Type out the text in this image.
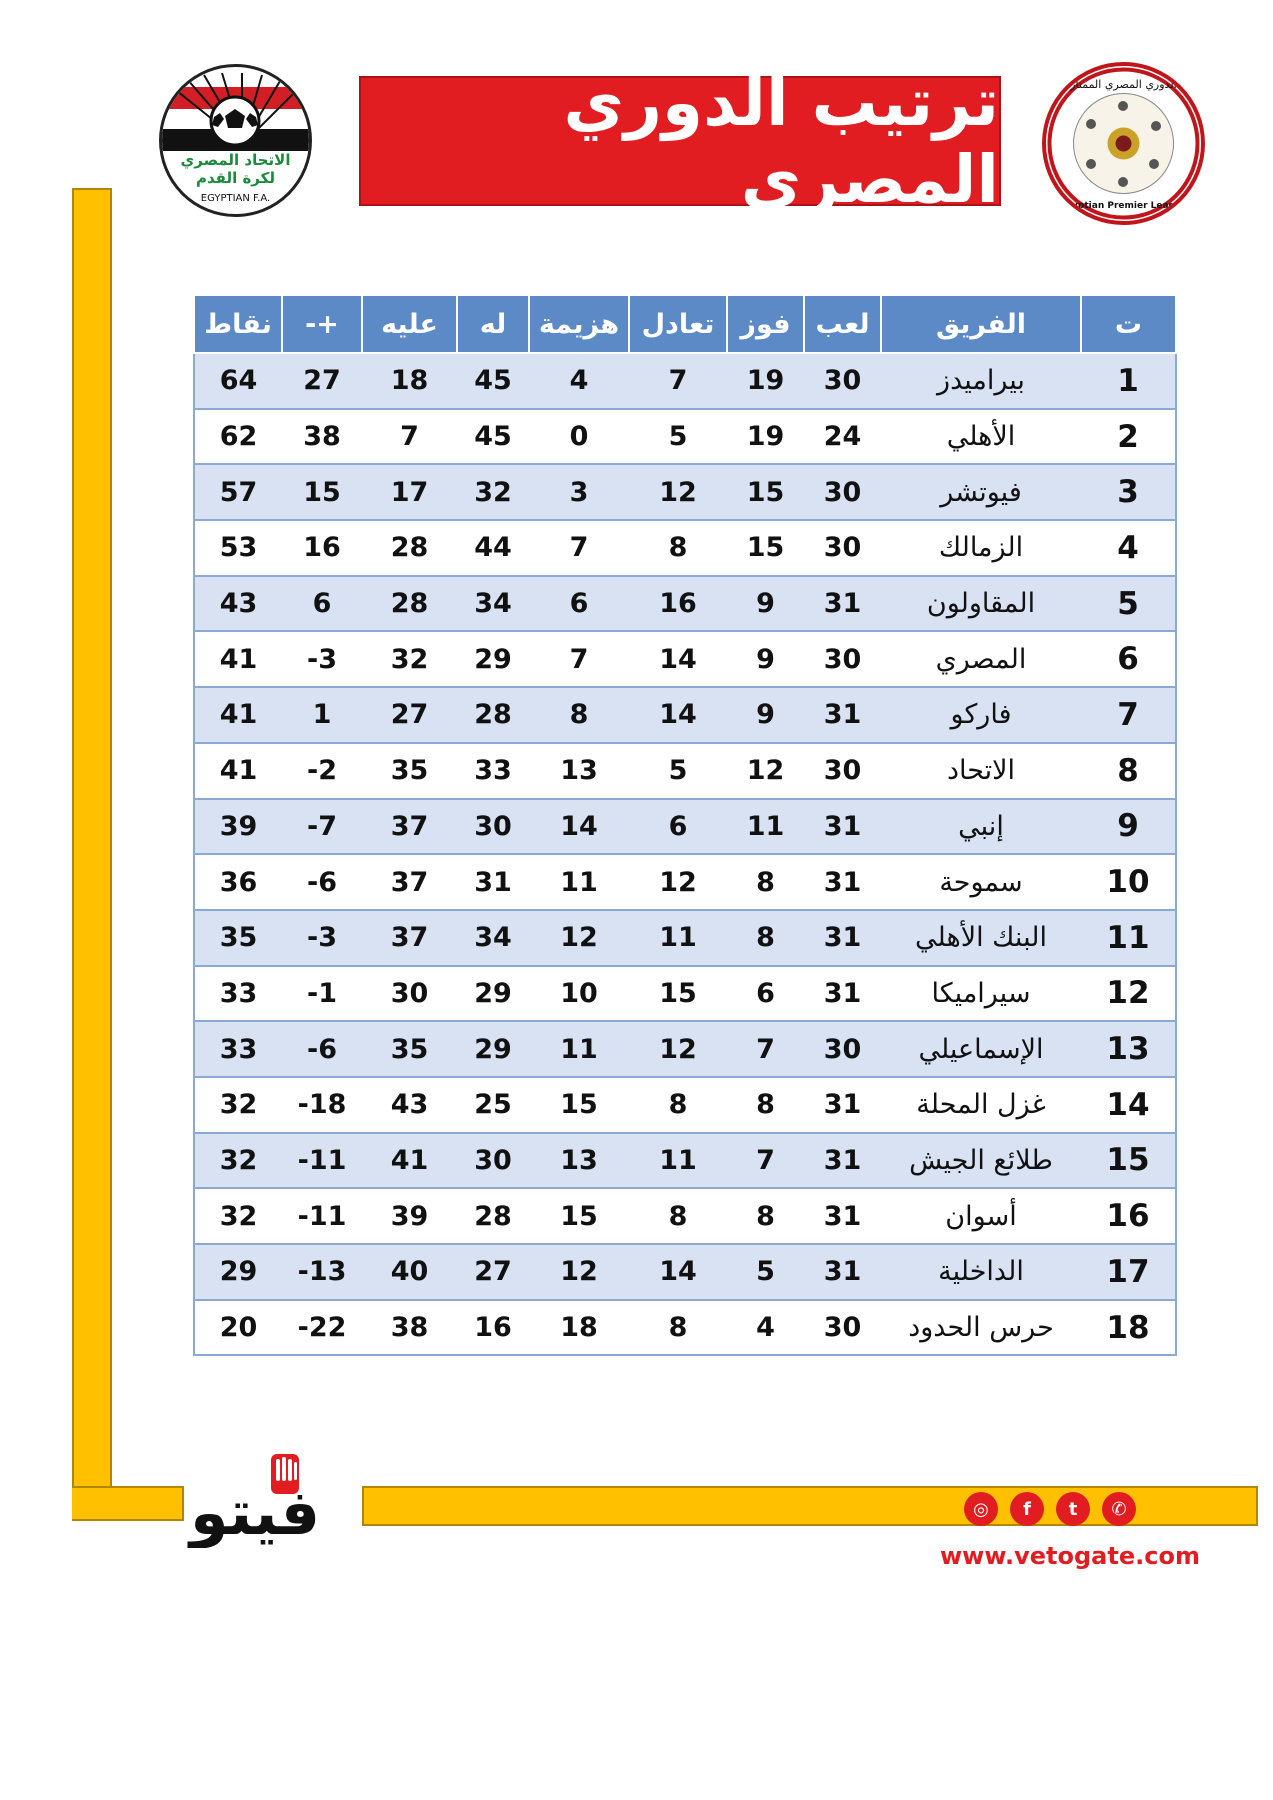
الاتحاد المصري
لكرة القدم
EGYPTIAN F.A.
ترتيب الدوري المصري
الدوري المصري الممتاز
Egyptian Premier League
ت	الفريق	لعب	فوز	تعادل	هزيمة	له	عليه	+-	نقاط
1	بيراميدز	30	19	7	4	45	18	27	64
2	الأهلي	24	19	5	0	45	7	38	62
3	فيوتشر	30	15	12	3	32	17	15	57
4	الزمالك	30	15	8	7	44	28	16	53
5	المقاولون	31	9	16	6	34	28	6	43
6	المصري	30	9	14	7	29	32	-3	41
7	فاركو	31	9	14	8	28	27	1	41
8	الاتحاد	30	12	5	13	33	35	-2	41
9	إنبي	31	11	6	14	30	37	-7	39
10	سموحة	31	8	12	11	31	37	-6	36
11	البنك الأهلي	31	8	11	12	34	37	-3	35
12	سيراميكا	31	6	15	10	29	30	-1	33
13	الإسماعيلي	30	7	12	11	29	35	-6	33
14	غزل المحلة	31	8	8	15	25	43	-18	32
15	طلائع الجيش	31	7	11	13	30	41	-11	32
16	أسوان	31	8	8	15	28	39	-11	32
17	الداخلية	31	5	14	12	27	40	-13	29
18	حرس الحدود	30	4	8	18	16	38	-22	20
فيتو	◎	f	t	✆
www.vetogate.com
